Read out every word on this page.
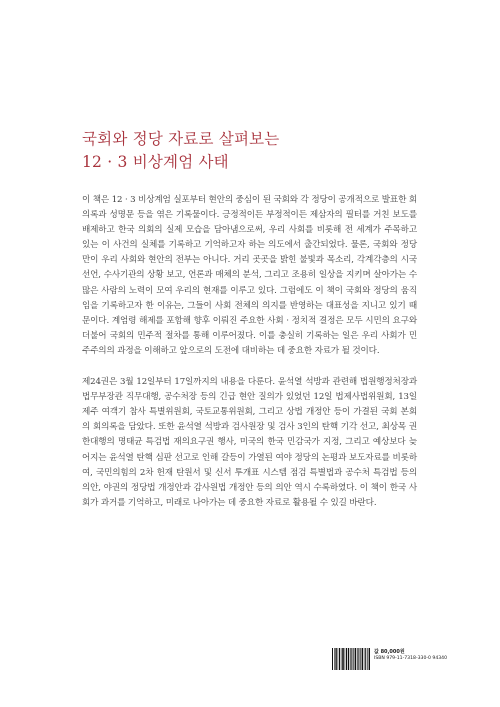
국회와 정당 자료로 살펴보는
12 · 3 비상계엄 사태

이 책은 12 · 3 비상계엄 실포부터 현안의 중심이 된 국회와 각 정당이 공개적으로 발표한 회의록과 성명문 등을 엮은 기록물이다. 긍정적이든 부정적이든 제삼자의 필터를 거친 보도를 배제하고 한국 의회의 실제 모습을 담아냄으로써, 우리 사회를 비롯해 전 세계가 주목하고 있는 이 사건의 실체를 기록하고 기억하고자 하는 의도에서 출간되었다. 물론, 국회와 정당만이 우리 사회와 현안의 전부는 아니다. 거리 곳곳을 밝힌 불빛과 목소리, 각계각층의 시국선언, 수사기관의 상황 보고, 언론과 매체의 분석, 그리고 조용히 일상을 지키며 살아가는 수많은 사람의 노력이 모여 우리의 현재를 이루고 있다. 그럼에도 이 책이 국회와 정당의 움직임을 기록하고자 한 이유는, 그들이 사회 전체의 의지를 반영하는 대표성을 지니고 있기 때문이다. 계엄령 해제를 포함해 향후 이뤄진 주요한 사회 · 정치적 결정은 모두 시민의 요구와 더불어 국회의 민주적 절차를 통해 이루어졌다. 이를 충실히 기록하는 일은 우리 사회가 민주주의의 과정을 이해하고 앞으로의 도전에 대비하는 데 중요한 자료가 될 것이다.

제24권은 3월 12일부터 17일까지의 내용을 다룬다. 윤석열 석방과 관련해 법원행정처장과 법무부장관 직무대행, 공수처장 등의 긴급 현안 질의가 있었던 12일 법제사법위원회, 13일 제주 여객기 참사 특별위원회, 국토교통위원회, 그리고 상법 개정안 등이 가결된 국회 본회의 회의록을 담았다. 또한 윤석열 석방과 검사원장 및 검사 3인의 탄핵 기각 선고, 최상목 권한대행의 명태균 특검법 재의요구권 행사, 미국의 한국 민감국가 지정, 그리고 예상보다 늦어지는 윤석열 탄핵 심판 선고로 인해 갈등이 가열된 여야 정당의 논평과 보도자료를 비롯하여, 국민의힘의 2차 헌재 탄원서 및 신서 투개표 시스템 점검 특별법과 공수처 특검법 등의 의안, 야권의 정당법 개정안과 감사원법 개정안 등의 의안 역시 수록하였다. 이 책이 한국 사회가 과거를 기억하고, 미래로 나아가는 데 중요한 자료로 활용될 수 있길 바란다.

값 80,000원
ISBN 979-11-7318-330-0 94340
